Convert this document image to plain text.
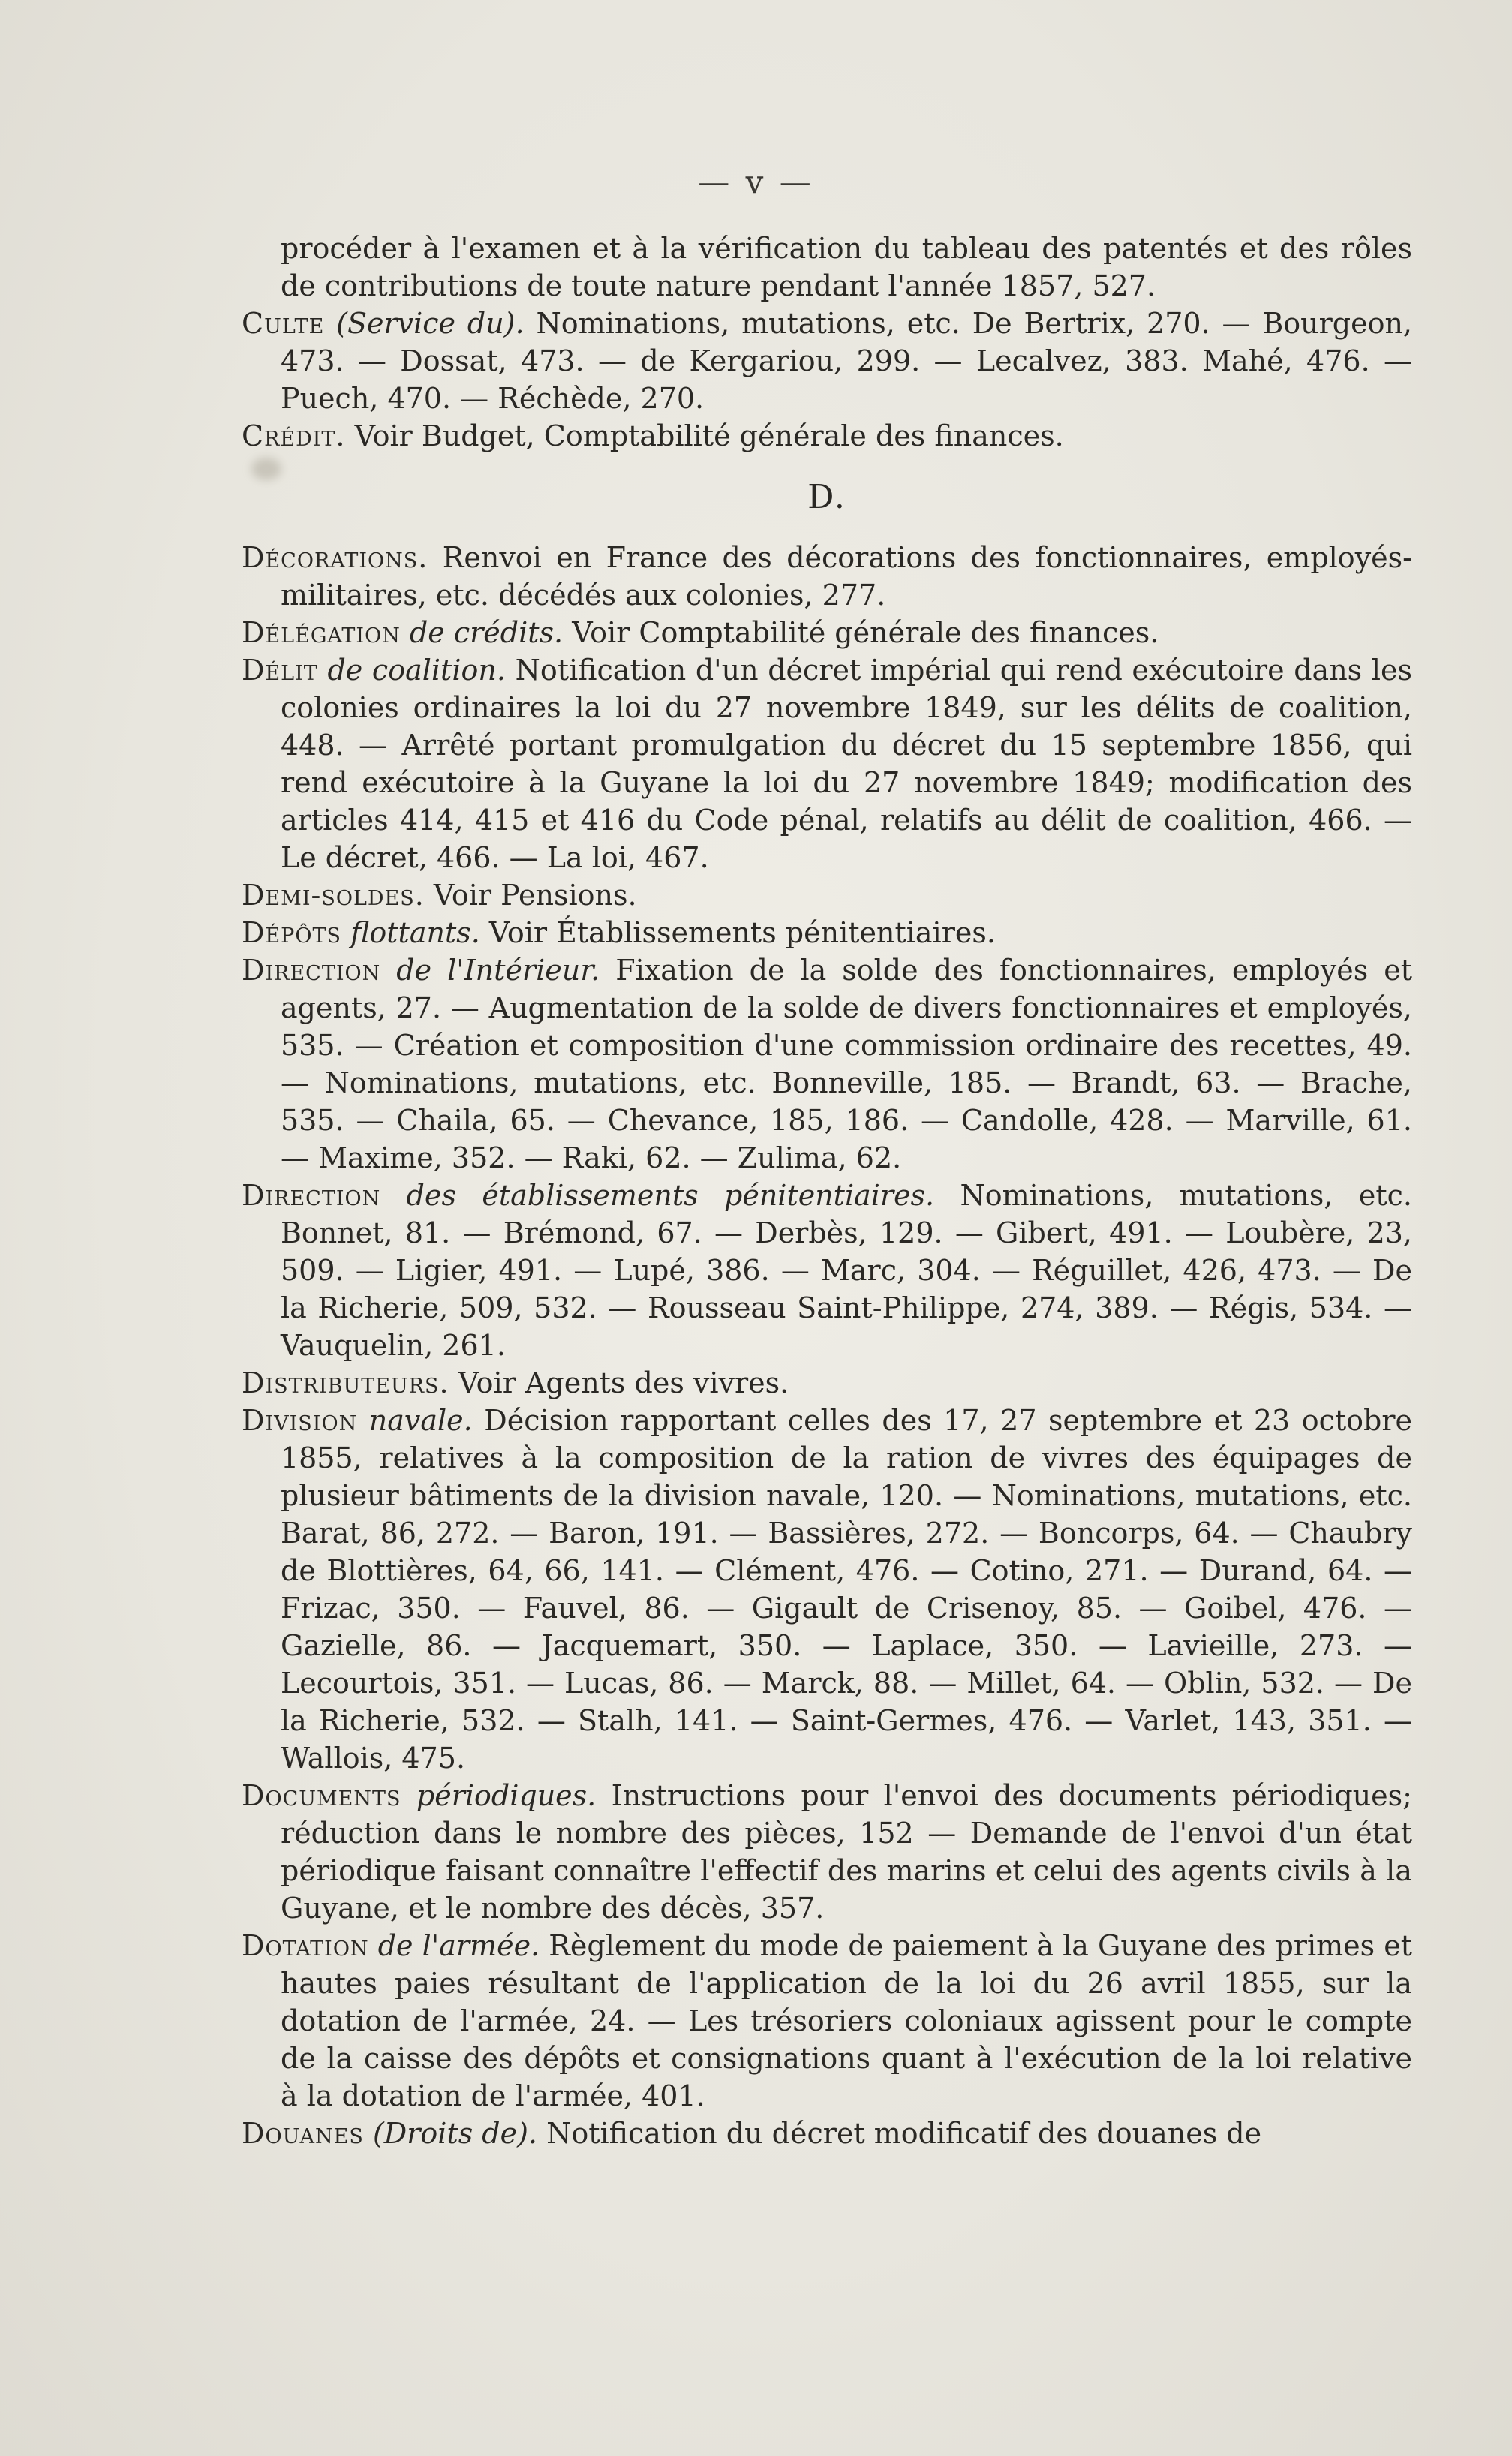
— v —

procéder à l'examen et à la vérification du tableau des patentés et des rôles de contributions de toute nature pendant l'année 1857, 527.

Culte (Service du). Nominations, mutations, etc. De Bertrix, 270. — Bourgeon, 473. — Dossat, 473. — de Kergariou, 299. — Lecalvez, 383. Mahé, 476. — Puech, 470. — Réchède, 270.

Crédit. Voir Budget, Comptabilité générale des finances.

D.

Décorations. Renvoi en France des décorations des fonctionnaires, employés-militaires, etc. décédés aux colonies, 277.

Délégation de crédits. Voir Comptabilité générale des finances.

Délit de coalition. Notification d'un décret impérial qui rend exécutoire dans les colonies ordinaires la loi du 27 novembre 1849, sur les délits de coalition, 448. — Arrêté portant promulgation du décret du 15 septembre 1856, qui rend exécutoire à la Guyane la loi du 27 novembre 1849; modification des articles 414, 415 et 416 du Code pénal, relatifs au délit de coalition, 466. — Le décret, 466. — La loi, 467.

Demi-soldes. Voir Pensions.

Dépôts flottants. Voir Établissements pénitentiaires.

Direction de l'Intérieur. Fixation de la solde des fonctionnaires, employés et agents, 27. — Augmentation de la solde de divers fonctionnaires et employés, 535. — Création et composition d'une commission ordinaire des recettes, 49. — Nominations, mutations, etc. Bonneville, 185. — Brandt, 63. — Brache, 535. — Chaila, 65. — Chevance, 185, 186. — Candolle, 428. — Marville, 61. — Maxime, 352. — Raki, 62. — Zulima, 62.

Direction des établissements pénitentiaires. Nominations, mutations, etc. Bonnet, 81. — Brémond, 67. — Derbès, 129. — Gibert, 491. — Loubère, 23, 509. — Ligier, 491. — Lupé, 386. — Marc, 304. — Réguillet, 426, 473. — De la Richerie, 509, 532. — Rousseau Saint-Philippe, 274, 389. — Régis, 534. — Vauquelin, 261.

Distributeurs. Voir Agents des vivres.

Division navale. Décision rapportant celles des 17, 27 septembre et 23 octobre 1855, relatives à la composition de la ration de vivres des équipages de plusieur bâtiments de la division navale, 120. — Nominations, mutations, etc. Barat, 86, 272. — Baron, 191. — Bassières, 272. — Boncorps, 64. — Chaubry de Blottières, 64, 66, 141. — Clément, 476. — Cotino, 271. — Durand, 64. — Frizac, 350. — Fauvel, 86. — Gigault de Crisenoy, 85. — Goibel, 476. — Gazielle, 86. — Jacquemart, 350. — Laplace, 350. — Lavieille, 273. — Lecourtois, 351. — Lucas, 86. — Marck, 88. — Millet, 64. — Oblin, 532. — De la Richerie, 532. — Stalh, 141. — Saint-Germes, 476. — Varlet, 143, 351. — Wallois, 475.

Documents périodiques. Instructions pour l'envoi des documents périodiques; réduction dans le nombre des pièces, 152 — Demande de l'envoi d'un état périodique faisant connaître l'effectif des marins et celui des agents civils à la Guyane, et le nombre des décès, 357.

Dotation de l'armée. Règlement du mode de paiement à la Guyane des primes et hautes paies résultant de l'application de la loi du 26 avril 1855, sur la dotation de l'armée, 24. — Les trésoriers coloniaux agissent pour le compte de la caisse des dépôts et consignations quant à l'exécution de la loi relative à la dotation de l'armée, 401.

Douanes (Droits de). Notification du décret modificatif des douanes de
